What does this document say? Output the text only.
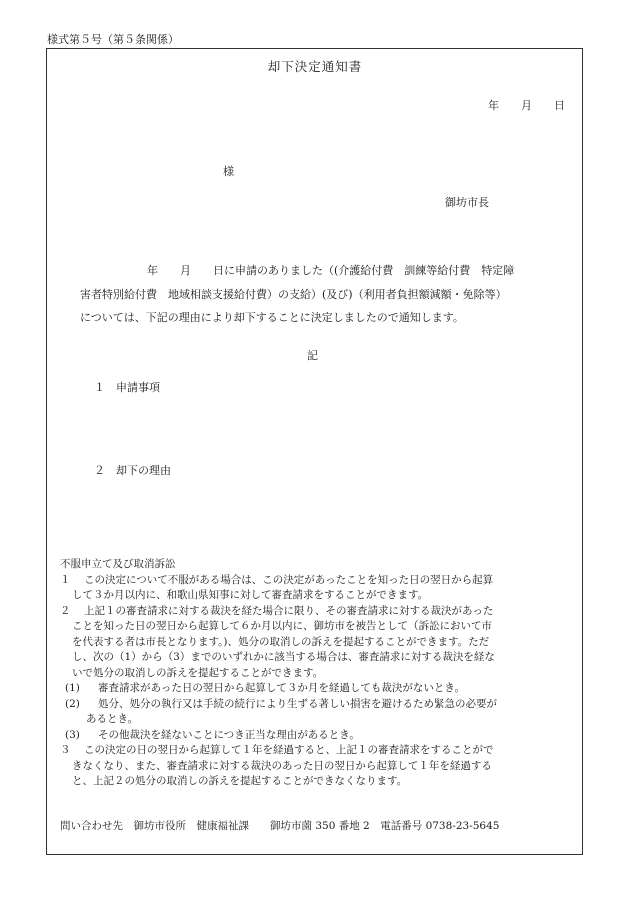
様式第５号（第５条関係）
却下決定通知書
年　　月　　日
様
御坊市長
年　　月　　日に申請のありました（(介護給付費　訓練等給付費　特定障
害者特別給付費　地域相談支援給付費）の支給）(及び)（利用者負担額減額・免除等）
については、下記の理由により却下することに決定しましたので通知します。
記
１　申請事項
２　却下の理由
不服申立て及び取消訴訟
１ この決定について不服がある場合は、この決定があったことを知った日の翌日から起算
して３か月以内に、和歌山県知事に対して審査請求をすることができます。
２ 上記１の審査請求に対する裁決を経た場合に限り、その審査請求に対する裁決があった
ことを知った日の翌日から起算して６か月以内に、御坊市を被告として（訴訟において市
を代表する者は市長となります。)、処分の取消しの訴えを提起することができます。ただ
し、次の（1）から（3）までのいずれかに該当する場合は、審査請求に対する裁決を経な
いで処分の取消しの訴えを提起することができます。
(1) 審査請求があった日の翌日から起算して３か月を経過しても裁決がないとき。
(2) 処分、処分の執行又は手続の続行により生ずる著しい損害を避けるため緊急の必要が
あるとき。
(3) その他裁決を経ないことにつき正当な理由があるとき。
３ この決定の日の翌日から起算して１年を経過すると、上記１の審査請求をすることがで
きなくなり、また、審査請求に対する裁決のあった日の翌日から起算して１年を経過する
と、上記２の処分の取消しの訴えを提起することができなくなります。
問い合わせ先　御坊市役所　健康福祉課　　御坊市薗 350 番地 2　電話番号 0738-23-5645
